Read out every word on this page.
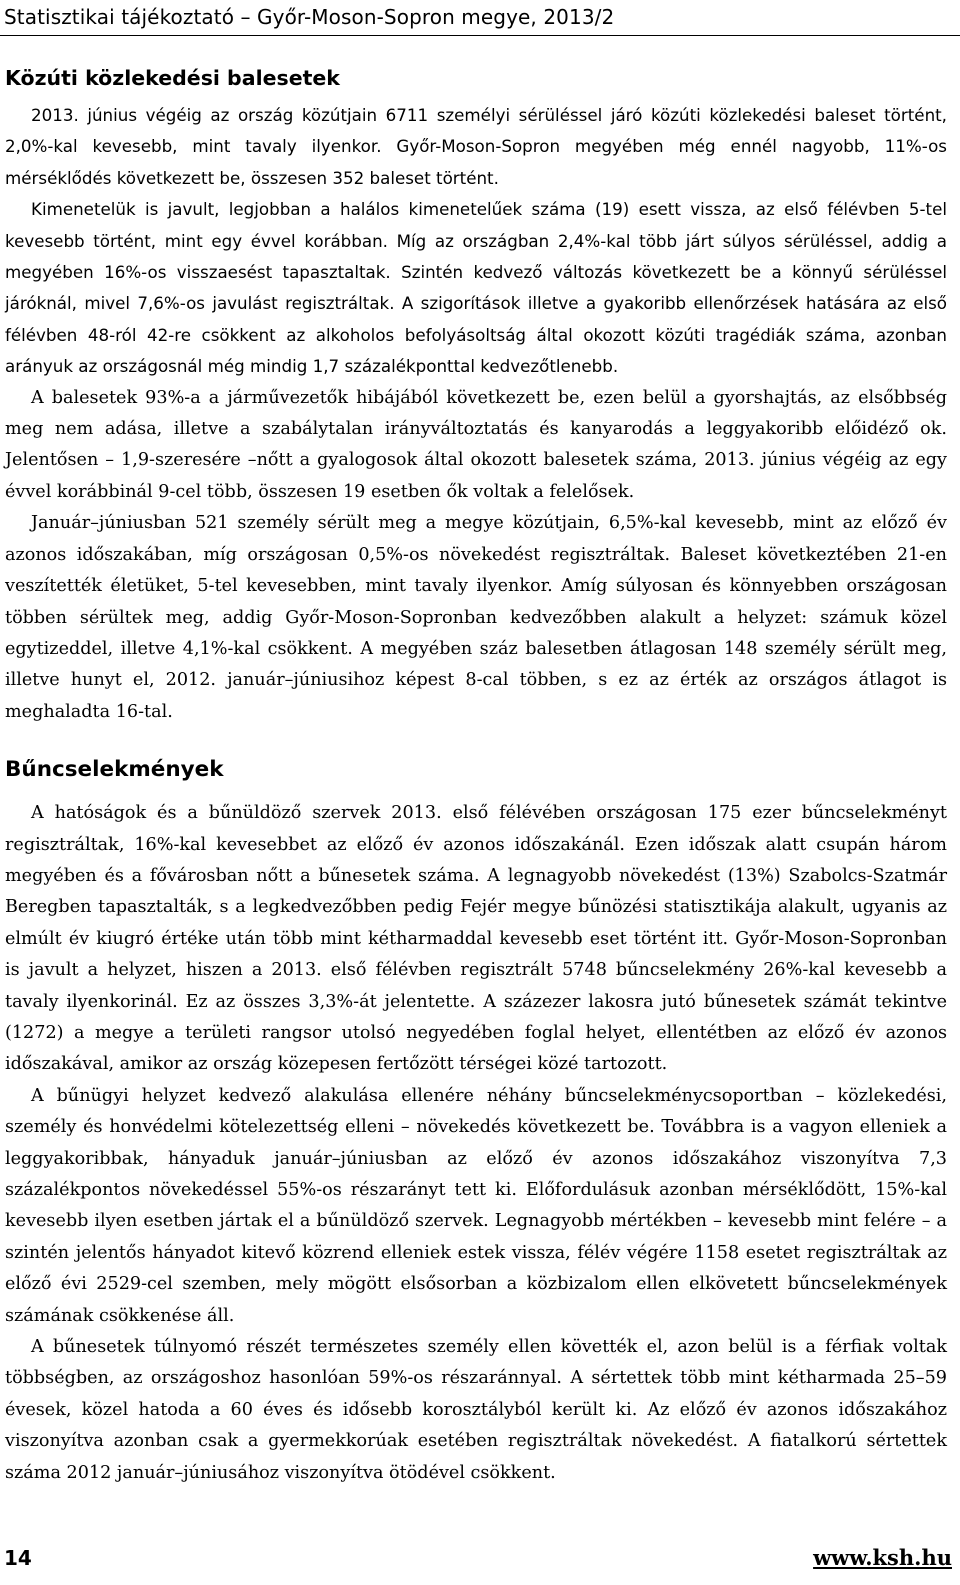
Statisztikai tájékoztató – Győr-Moson-Sopron megye, 2013/2
Közúti közlekedési balesetek

2013. június végéig az ország közútjain 6711 személyi sérüléssel járó közúti közlekedési baleset történt, 2,0%-kal kevesebb, mint tavaly ilyenkor. Győr-Moson-Sopron megyében még ennél nagyobb, 11%-os mérséklődés következett be, összesen 352 baleset történt.

Kimenetelük is javult, legjobban a halálos kimenetelűek száma (19) esett vissza, az első félévben 5-tel kevesebb történt, mint egy évvel korábban. Míg az országban 2,4%-kal több járt súlyos sérüléssel, addig a megyében 16%-os visszaesést tapasztaltak. Szintén kedvező változás következett be a könnyű sérüléssel járóknál, mivel 7,6%-os javulást regisztráltak. A szigorítások illetve a gyakoribb ellenőrzések hatására az első félévben 48-ról 42-re csökkent az alkoholos befolyásoltság által okozott közúti tragédiák száma, azonban arányuk az országosnál még mindig 1,7 százalékponttal kedvezőtlenebb.

A balesetek 93%-a a járművezetők hibájából következett be, ezen belül a gyorshajtás, az elsőbbség meg nem adása, illetve a szabálytalan irányváltoztatás és kanyarodás a leggyakoribb előidéző ok. Jelentősen – 1,9-szeresére –nőtt a gyalogosok által okozott balesetek száma, 2013. június végéig az egy évvel korábbinál 9-cel több, összesen 19 esetben ők voltak a felelősek.

Január–júniusban 521 személy sérült meg a megye közútjain, 6,5%-kal kevesebb, mint az előző év azonos időszakában, míg országosan 0,5%-os növekedést regisztráltak. Baleset következtében 21-en veszítették életüket, 5-tel kevesebben, mint tavaly ilyenkor. Amíg súlyosan és könnyebben országosan többen sérültek meg, addig Győr-Moson-Sopronban kedvezőbben alakult a helyzet: számuk közel egytizeddel, illetve 4,1%-kal csökkent. A megyében száz balesetben átlagosan 148 személy sérült meg, illetve hunyt el, 2012. január–júniusihoz képest 8-cal többen, s ez az érték az országos átlagot is meghaladta 16-tal.

Bűncselekmények

A hatóságok és a bűnüldöző szervek 2013. első félévében országosan 175 ezer bűncselekményt regisztráltak, 16%-kal kevesebbet az előző év azonos időszakánál. Ezen időszak alatt csupán három megyében és a fővárosban nőtt a bűnesetek száma. A legnagyobb növekedést (13%) Szabolcs-Szatmár Beregben tapasztalták, s a legkedvezőbben pedig Fejér megye bűnözési statisztikája alakult, ugyanis az elmúlt év kiugró értéke után több mint kétharmaddal kevesebb eset történt itt. Győr-Moson-Sopronban is javult a helyzet, hiszen a 2013. első félévben regisztrált 5748 bűncselekmény 26%-kal kevesebb a tavaly ilyenkorinál. Ez az összes 3,3%-át jelentette. A százezer lakosra jutó bűnesetek számát tekintve (1272) a megye a területi rangsor utolsó negyedében foglal helyet, ellentétben az előző év azonos időszakával, amikor az ország közepesen fertőzött térségei közé tartozott.

A bűnügyi helyzet kedvező alakulása ellenére néhány bűncselekménycsoportban – közlekedési, személy és honvédelmi kötelezettség elleni – növekedés következett be. Továbbra is a vagyon elleniek a leggyakoribbak, hányaduk január–júniusban az előző év azonos időszakához viszonyítva 7,3 százalékpontos növekedéssel 55%-os részarányt tett ki. Előfordulásuk azonban mérséklődött, 15%-kal kevesebb ilyen esetben jártak el a bűnüldöző szervek. Legnagyobb mértékben – kevesebb mint felére – a szintén jelentős hányadot kitevő közrend elleniek estek vissza, félév végére 1158 esetet regisztráltak az előző évi 2529-cel szemben, mely mögött elsősorban a közbizalom ellen elkövetett bűncselekmények számának csökkenése áll.

A bűnesetek túlnyomó részét természetes személy ellen követték el, azon belül is a férfiak voltak többségben, az országoshoz hasonlóan 59%-os részaránnyal. A sértettek több mint kétharmada 25–59 évesek, közel hatoda a 60 éves és idősebb korosztályból került ki. Az előző év azonos időszakához viszonyítva azonban csak a gyermekkorúak esetében regisztráltak növekedést. A fiatalkorú sértettek száma 2012 január–júniusához viszonyítva ötödével csökkent.

14	www.ksh.hu
